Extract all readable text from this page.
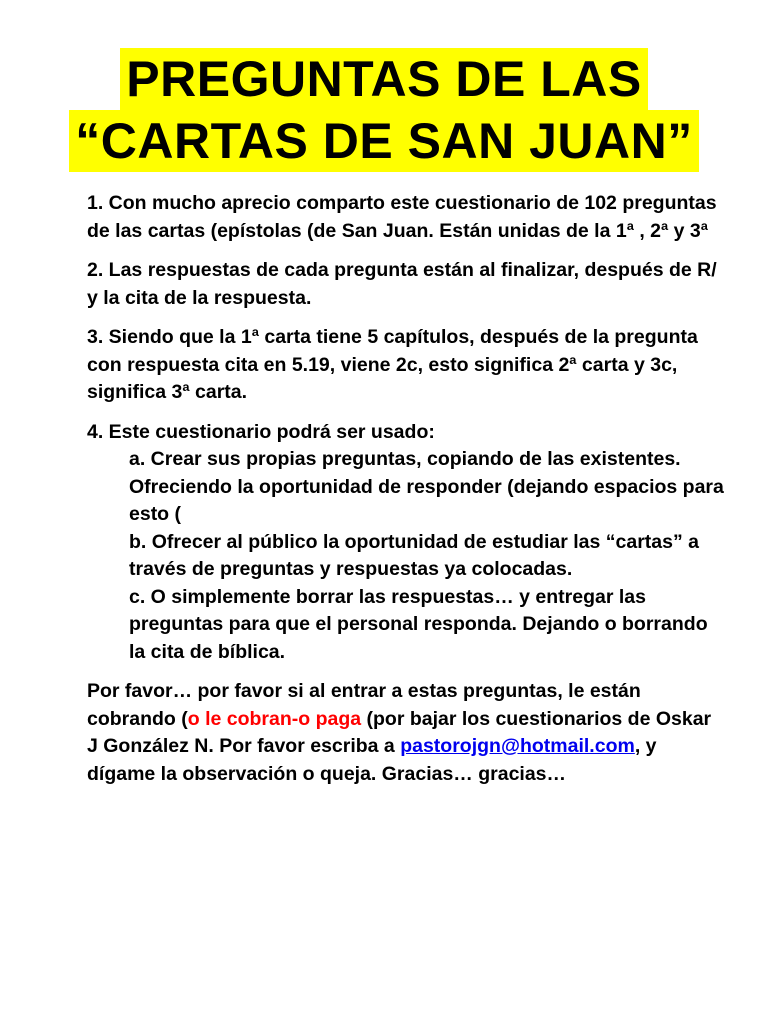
PREGUNTAS DE LAS
“CARTAS DE SAN JUAN”

1. Con mucho aprecio comparto este cuestionario de 102 preguntas de las cartas (epístolas (de San Juan. Están unidas de la 1ª , 2ª y 3ª

2. Las respuestas de cada pregunta están al finalizar, después de R/ y la cita de la respuesta.

3. Siendo que la 1ª carta tiene 5 capítulos, después de la pregunta con respuesta cita en 5.19, viene 2c, esto significa 2ª carta y 3c, significa 3ª carta.

4. Este cuestionario podrá ser usado:

a. Crear sus propias preguntas, copiando de las existentes. Ofreciendo la oportunidad de responder (dejando espacios para esto (
b. Ofrecer al público la oportunidad de estudiar las “cartas” a través de preguntas y respuestas ya colocadas.
c. O simplemente borrar las respuestas… y entregar las preguntas para que el personal responda. Dejando o borrando la cita de bíblica.

Por favor… por favor si al entrar a estas preguntas, le están cobrando (o le cobran-o paga (por bajar los cuestionarios de Oskar J González N. Por favor escriba a pastorojgn@hotmail.com, y dígame la observación o queja. Gracias… gracias…
